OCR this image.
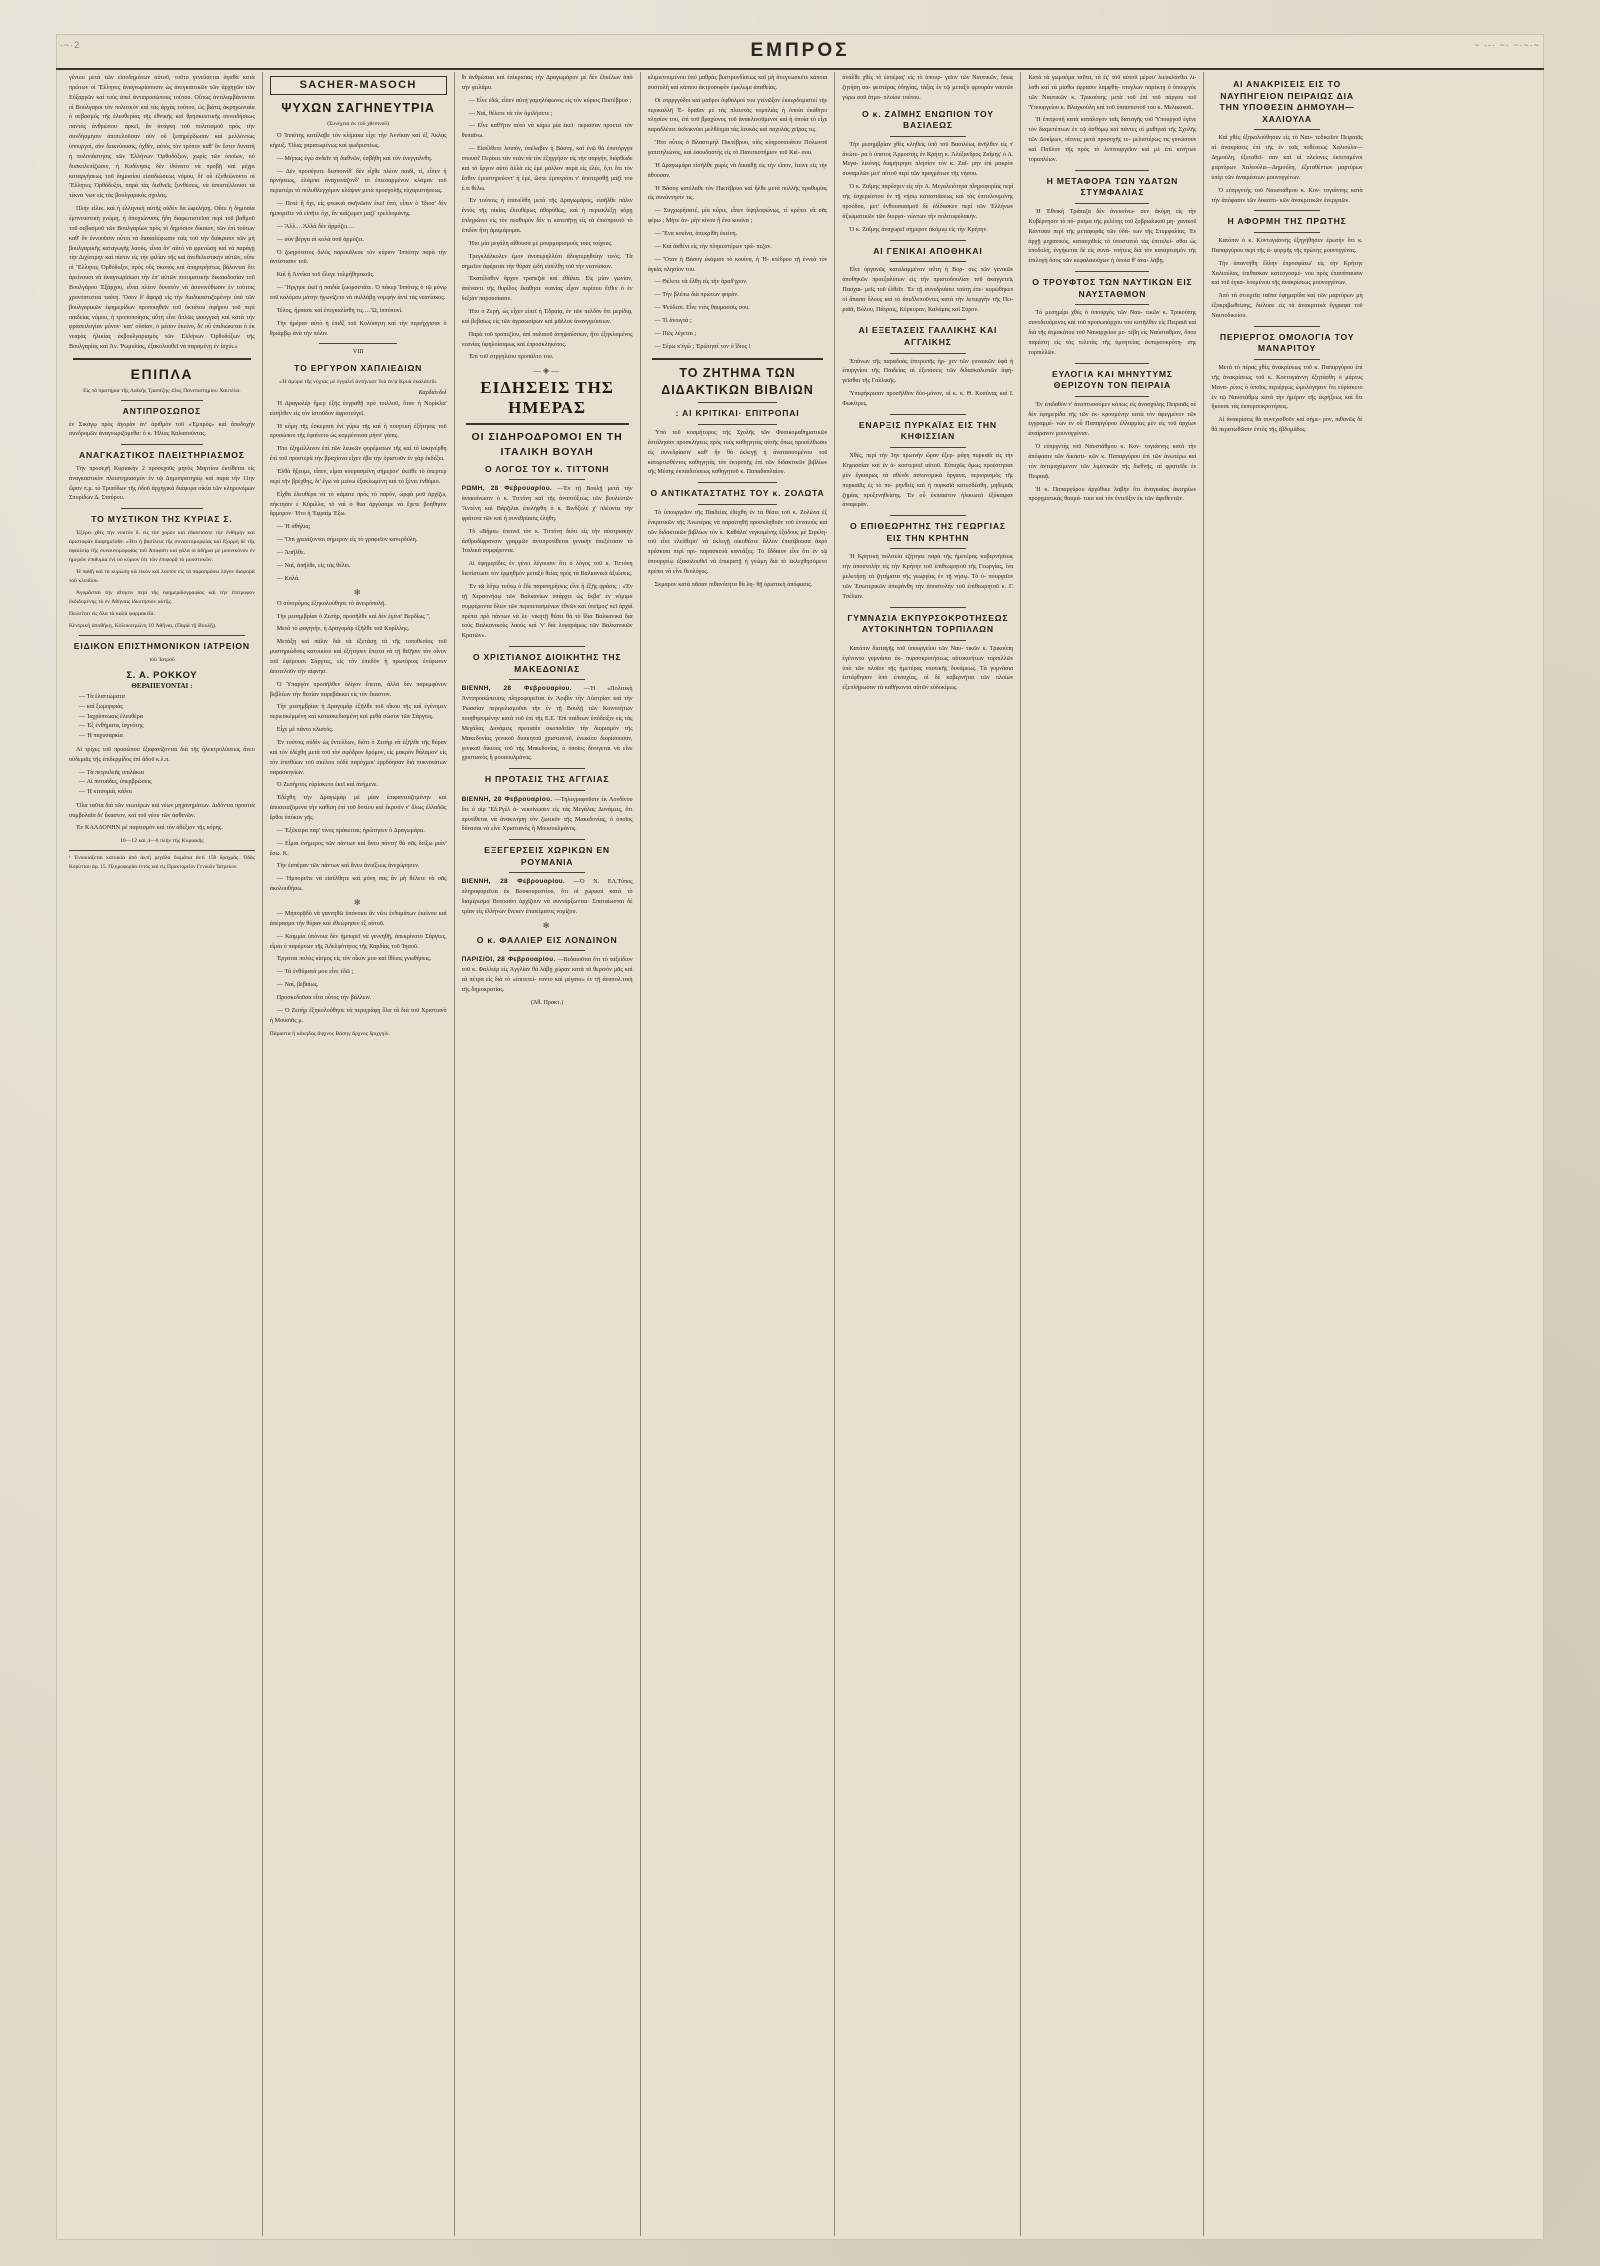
·~·2	ΕΜΠΡΟΣ	~ ·-· ~· ~·~·~

γένιου μετὰ τῶν εἰσοδημάτων αὐτοῦ, τοῦτο γενεύσεται ἀγαθὰ κατὰ πρώτων οἱ Ἕλληνες ἀναγνωρίσουσιν ὡς ἀνεγκαιτικῶν τῶν ἀρχηγῶν τῶν Εὐξαργῶν καὶ τοὺς ἀπεὶ ἀντιπροσώπους τούτου. Οὕτως ἀντιλαμβάνονται οἱ Βούλγαροι τὸν πολιτικὸν καὶ τὰς ἀρχὰς τούτου, ὡς βιάτις ἀκρηγωνιαία ὁ σεβασμὸς τῆς ἐλευθερίας τῆς ἐθνικῆς καὶ θρησκευτικῆς συνειδήσεως παντὸς ἀνθρώπου· ἀρκεῖ, ἂν ἀνάγκη τοῦ πολιτισμοῦ πρὸς τὴν συνδήσμησιν ἀποτελοῦσαν σὺν οὐ ξεπηρέρδωσαν καὶ μελλόντως ὑπουργοί, σὺν δεικνύουσις, ὀχθὲν, αὐτὸς τὸν τρόπον καθ' ὅν ἔστιν δυνατὴ ἡ πολινιάστησις τῶν Ἑλλήνων Ὀρθοδόξων, χωρὶς τῶν ὁποίων, οὐ δυσκολεπίζωσιν, ἡ Κυδίνησις δὲν ἰδύνατο νὰ προβῇ καὶ μέχρι καταργήσεως τοῦ δημοσίου εἰσαδιώσεως νόμου, δι' οὗ ἐξεθεώνοντο οἱ Ἕλληνες Ὀρθόδοξοι, παρὰ τὰς διεθνεῖς ξυνθέσεις, νὰ ἀποστέλλουσι τὰ τέκνα 'νων εἰς τὰς βουλγαρικὰς σχολάς.

Πλὴν εἰλικ. καὶ ἡ ἐλληνικὴ αὐτῆς οὐδὲν δὰ ὠφελήσῃ. Οὔτε ἡ δημοσία ἐμπνευστικὴ γνώμη, ἡ ἀποχιώνυσις ἤδη διαφωτιστεῖσα περὶ τοῦ βαθμοῦ τοῦ σεβασμοῦ τῶν Βουλγαρίων πρὸς τὸ δημόσιον δίκαιον, τῶν ἐπὶ τούτων καθ' ὅν ἐννοοῦσιν οὗτοι τὰ διακαλέφωσιν ταὶς τοῦ τὴν διάκρισιν τῶν μὴ βουλγαρικῆς καταγωγῆς λαούς, εἶναι ὅν' αὐτὸ νὰ φρενώσῃ καὶ νὰ παράγῃ τὴν Διχίστρην καὶ πίστιν εἰς τὴν φιλίαν τῆς καὶ ἀνεθελεστικὴν αὐτῶν, οὔτε οἱ Ἕλληνες Ὀρθόδοξοι, πρὸς οὓς σκοπὸς καὶ ἀπηρτρήστως βάλονται ὅτι ἀρείνουσι νὰ ἀναγνωρίσωσι τὴν ἐπ' αὐτῶν πνευματικὴν δικαιοδοσίαν τοῦ Βουλγάρου Ἐξάρχου, εἶναι πλέον δυνατὸν νὰ ἀσυνινύθωσιν ἐν τούτοις χρονόπτισται ταύτη. Ὅσον δ' ἄφορᾷ εἰς τὴν διαδικαστιζομένην ὑπὸ τῶν βουλγαρικῶν ἐφημερίδων προποιηθεῖν τοῦ ὀκτάτου ἀφήρου τοῦ περὶ παιδείας νόμου, ἡ τροποποίησις αὕτη εἶνε ἄπλῶς ψαυγγικὴ καὶ κατὰ τὴν φράσειλογίαν μόνον· κατ' οὐσίαν, ὁ μέσον ἐκείνο, δι' οὗ ἐπιδιώκεται ὁ ἐκ νεαρὰς ἡλικίας ἐκβουλγαρισμὸς τῶν Ἑλλήνων Ὀρθοδόξων τῆς Βουλγαρίας καὶ Ἀν. Ῥωμυλίας, ἐξακολουθεῖ νὰ παραμένῃ ἐν ἰσχύι.»

ΕΠΙΠΛΑ

Εἰς τὰ πρατήρια τῆς Λαϊκῆς Τραπέζης 43ος Πανεπιστημίου Χαυτέλα.

ΑΝΤΙΠΡΟΣΩΠΟΣ

ἐν Σικάγῳ πρὸς ἀγορὰν ἀν' ἀριθμὸν τοῦ «Ἐμπρὸς» καὶ ἀποδοχὴν συνδρομῶν ἀναγνωριζόμεθα: ὁ κ. Ἠλίας Καλασούντας.

ΑΝΑΓΚΑΣΤΙΚΟΣ ΠΛΕΙΣΤΗΡΙΑΣΜΟΣ

Τὴν προσεχῆ Κυριακὴν 2 προσεχοῦς μηνὸς Μαρτίου ἐκτίθεται εἰς ἀναγκαστικὸν πλειστηριασμὸν ἐν τῷ Δημοπρατηρίῳ καὶ παρὰ τὴν 11ην ὥραν π.μ. τὸ Τριπόδων τῆς ὁδοῦ ἀρχηγικὰ διάφορα οἰκία τῶν κληρονόμων Σπυρίδων Δ. Σταύρου.

ΤΟ ΜΥΣΤΙΚΟΝ ΤΗΣ ΚΥΡΙΑΣ Σ.

Ἐξέρει χθὲς τὴν νυκτὸν ὅ. εἰς τὸν χορὸν καὶ ἐδανείσατε τὴν ἐνθήμην καὶ ἀριστοφὰν διαφημεῖσθε. «Ἡτι ἡ βασίλεια τῆς συναυτομορφίας καὶ ἕξορμη δὲ τῆς ἀφαιλείᾳ τῆς συναυτομορφίας τοῦ Ἀποφάτι καὶ γάλα οἱ ἀδήρια μὲ μουνικόνου ἐν ἡμερῶν ἐπιθυμία ἐνὶ οὐ κύριον ὅτι τῶν ἐπιφορᾷ τὸ μουστοκῶν.

Ἡ παθῇ καὶ τὰ κυρώσῃ κὰ εἰκὸν καὶ λοιπὸν εἰς τὰ παραπρόσω λόγον διαφορὰ τοῦ κλειδίου.

Ἀγορᾶσται τὴν αἴτησιν περὶ τῆς ἐφημεριδογραφίας καὶ τὴν ἐπίτροφον ἐκδιδομένης τὸ ἐν Ἀθήναις ἰδιωτήσιον αὐτῆς.

Πωλεῖται εἰς ὅλα τὰ καλὰ φαρμακεῖα.

Κεντρικὴ ἀποθήκη, Κολοκοτρώνη 10 Ἀθῆναι, (Παρὰ τῇ Βουλῇ).

ΕΙΔΙΚΟΝ ΕΠΙΣΤΗΜΟΝΙΚΟΝ ΙΑΤΡΕΙΟΝ

τοῦ Ἰατροῦ

Σ. Α. ΡΟΚΚΟΥ
ΘΕΡΑΠΕΥΟΝΤΑΙ :
— Τὰ ἐλαττώματα
— καὶ ξωμορφιὰς
— Ἰαχρύπνωσις ἐλευθέρα
— Ἐξ ἐνθήματα, ἰσχνότης
— Ἡ παχυσαρκία

Αἱ τρίχες τοῦ προσώπου ἐξαφανίζονται διὰ τῆς ἠλεκτρολύσεως ἄνευ οὐδεμιᾶς τῆς ἐπιδερμίδος ἐπὶ ἀδοῦ κ.λ.π.

— Τὰ πετρυλεᾶς σπιλάκια
— Αἱ πυτυάδες, ὑπερβρώσεις
— Ἡ κιτσομιὰ, κάλοι

Ὅλα ταῦτα διὰ τῶν νεωτέρων καὶ νέων μηχανημάτων. Διδόνται προσιτὰ συμβολαῖα δι' ἕκαστον, καὶ τοῦ νέου τῶν ἀσθενῶν.

Ἐν ΚΑΛΛΟΝΗΝ μὲ παρτισμὸν καὶ τὸν ἀδέξιον τῆς κόρης.

10—12 καὶ 4—6 πλὴν τῆς Κυριακῆς

¹ Ἐνοικιάζεται κατοικία ἀπὸ ἀκτὴ μεγάλα ὄωμάτια ἀντὶ 150 δραχμάς. Ὁδὸς Κορύττου ἀρ. 15. Πληροφορίαι ἐντὸς καὶ εἰς Πρακτορεῖον Γενικῶν Ἰατρείων.
SACHER-MASOCH
ΨΥΧΩΝ ΣΑΓΗΝΕΥΤΡΙΑ

(Συνέχεια ἐκ τοῦ χθεσινοῦ)

Ὁ Ἱππότης κατέλαβε τὸν κλίμακα εἶχε τὴν Ἀννίκαν καὶ ἐξ Ἀκλᾳς κήρυξ. Ὅλας χαρατωμένως καὶ φωδριστέως.

— Μήπως ἐγὼ ἀνδεῖν τὴ διεθνῶν, ἐσβήθη καὶ τὸν ἐνεγγαλνθη.

— Δὲν προσέγυτε δεσποινίδ' δὲν εἶχθε πλέον παιδί, τί, εἶπεν ἡ ἀρνήσεως, ἐλάμπα ἀναχεινάζονδ' τὸ ἐπιεσαρμένον κλάμαν τοῦ περιστέρι τὸ πολυθλεγχόμον κλάψαν μετὰ προσχολῆς εὐχαριστήσεως.

— Ποτὲ ἤ ὄχι, εἰς φτωκιὰ σκῆνῶσιν ἐκεῖ ὑπὸ, εἶπεν ὁ Ἰδιοσ' δὲν ἠμπορεῖτε νὰ εἰπῆτε ὄχι, ἄν καίζωμεν μαζί' τρελλομάνης.

— Ἄλλ.…Ἀλλὰ δὲν ἀρμόζει.…

— σὺν βέργα σὶ κολὰ σοῦ ἀρμόζει.

Ὁ ζωηρότατος διλὸς παρεκάλεσε τὸν κύριον Ἱππότην παρὰ τὴν ἀντίστασιν τοῦ.

Καὶ ἡ Ἀννίκα τοῦ ἔλεγε τολμήθησκοῦς.

— Ἤργησε ἐκεῖ ἡ παιδιὰ ξωορσστάτε. Ὁ πάκερ Ἱππότης ὁ τῷ μόνῳ τοῦ κολόμου μάτην ἠγωνίζετο νὰ συλλάβῃ νομφὴν ἀντὶ τὰς νεανίσκος.

Τέλος, ἥρπασε καὶ ἐνεγκαλίσθη τις.…Ὢ, ἱππόπονί.

Τὴν ἡμέραν αὐτὸ ἡ ἐπιδξ τοῦ Κολύσητη καὶ τὴν περιήχγισαν ὁ θριάμβῳ ἀνὰ τὴν πόλιν.

VIII

ΤΟ ΕΡΓΥΡΟΝ ΧΑΠΛΙΕΔΙΩΝ

«Ἡ ἀμύρα τῆς νύχτας μὲ ἐγγαλεῖ ἀντήνυσε Ἰνὰ ἀν'ᾳ Κρυὰ ἐκαλάνεδι.

Καρδιάνδελ

Ἡ Δραγωλέρ ἥμερ ἐξῆς ἐνγραθῇ πρὸ τοιλλοῦ, ὅταν ἡ Νορίκλα' εἰσήλθεν εἰς τὸν ἱστοῦδον ἀφροτεύγεῖ.

Ἡ κόμη τῆς ἐσκεμπσι ἐνὶ γύρω τῆς καὶ ἡ ποιητικὴ ἐξήτησις τοῦ προσώπου τῆς ἐφαίνετο ὡς κομμένοισα μήνυ' γάπις.

Ἡτο ἐξημέλλινον ἐπὶ τῶν λευκῶν φορέματων τῆς καὶ τὸ ἱσκηνέρθη ἐπὶ τοῦ προστερὰ τὴν βραχίονα εἶχεν ἐβα τὴν ὁριστοῦν ἐν γὰρ ἐκδέξει.

Ἐλθὰ ἥξευμε, εἶπεν, εἶμαι κουρασμένη σήμερον' ἐκεῖθε τὸ ὑπερτερ περὶ τῆν βρέχθης, δι' ἔγω νὰ μείνω ἐξακλωμένη καὶ τὸ ξένει ἐνθύμιο.

Εἶχθα ἐλευθέρα νὰ τὸ κάματε πρὸς τὸ παρόν, ὠρφὰ μοῦ ἀρχίζω, πήκτησιν ἐ Κύριλλα, τὸ ναὶ ὁ θυα ἀργύσαμε νὰ ἔχετε βοήθησιν ἄρμορον· Ἠτο ἡ Ἐφραὶμ Ἐξω.

— Ἡ ἀθήλια;

— Ὅπι χρειάζονται σήμερον εἰς τὸ γραφεῖον κανερδύλη.

— Ἀπῆλθε.

— Ναί, ἀπῆλθε, εἰς τὰς θέλει.

— Καλά.

✻

Ὁ σύνερόμος ἐξηκολούθησε τὸ ἀνειρόπολῇ.

Τὴν μεσημβρίαν ὁ Ζεσὴρ, προσῆλθε καὶ δὲν ἐγένε' Βερδίως '',

Μετὰ τὸ φαγητὴν, ἡ Δραγομὰρ ἐξῆλθε τοῦ Κυρίλλης.

Μετάξῃ καὶ πάλιν διὰ νὰ ἐξετάσῃ τὰ τῆς τοποθεσίας τοῦ μυστηριώδους κατοικίου καὶ ἐξήτησεν ἔπειτα νὰ τῇ θεῖῇσιν τὸν οἶνον τοῦ ἐφέρουσι Σάργτες, εἰς τὸν ἐπιιδὸν ἡ πρωτόριος ἐνέφωνεν ἀποτελοῦν τὴν αἰφνησ.

Ὁ Ὑπαργὸν προσῆλθεν ὀλίγον ἔπειτα, ἀλλὰ δὲν παρεμφύνον βεβλέων τὴν θεσίαν παρεβάκκει εἰς τὸν ἕκαστον.

Τὴν μεσημβρίαν ἡ Δραγομὰρ ἐξῆλθε τοῦ οἴκου τῆς καὶ ἐγένομεν περιεσκέμμένη καὶ κατασκεδισμένη καὶ μεθὰ σώσον τῶν Σάργτες.

Εἶχε μὲ πάντο κλιστός.

Ἐν τούτοις οὐδὲν ὡς ἔντελλων, διότι ὁ Ζεσὴρ νὰ ἐξῆλθε τῆς θύραν καὶ τὸν ἐδέχθη μετὰ τοῦ τὸν σφόδρον δρόμον, εἰς μακρὸν θάλαμον' εἰς τὸν ἐπιτθύων τοῦ σκέλου οὐδὲ παρόχμοι' ἐρρδόησαν διὰ πυκνοτάτων παρασκηνίων.

Ὁ Ζεσὴρτος εὐρίσκετο ἐκεῖ καὶ ἀνήμενε.

Ἐδέχθη τὴν Δραγωμὰρ μὲ μίαν ἐπιφανειαζομένην καὶ ἀποσειαζόμενα τὴν καθίση ἐπὶ τοῦ δοτίου καὶ ἔκρινέν ν' ὅλως ἐλλαδῶς ἔρθοι ὑπόκυν γῆς.

— Ἐξέκειρα παρ' τίνος πράκειται; ἠρώτησεν ὁ Δραγωμάρα.

— Εἶμαι ἐνήμερος τῶν πάντων καὶ ἄνευ πάντη' θὰ σᾶς δείξω μιάν' ἔσω. Κ.

Τὴν ἑσπέραν τῶν πάντων καὶ ἄνευ ἀνοίξεως ἀνεχώρησεν.

— Ἠμπορεῖτε νὰ εἰσέλθητε καὶ μόνη σας ἂν μὴ θέλετε νὰ σᾶς ἀκολουθήσω.

✻

— Μήπορᾷδό νὰ γαννηθῶ ὑπόνοιαι ἂν νέοι ἐνδυμάτων ἐκείνου καὶ ἀπέρασμα τὴν θύραν καὶ ἐθεώρησεν ἐξ αὐτοῦ.

— Καιμμία ὑπόνοια δὲν ἠμπορεῖ νὰ γεννηθῇ, ἀπεκρίνατο Σάργτες, εἶμαι ὁ παρέμνων τῆς Ἀδελφότητος τῆς Καρδίας τοῦ Ἰησοῦ.

Ἐργαται πολὺς κίσμος εἰς τὸν οἶκόν μου καὶ ἴθλιος γνωθήσεις.

— Τὰ ἐνθύματά μου εἶνε ἐδῶ ;

— Ναί, βεβαίως.

Προσκεδοῦσα εἶτα οὗτος τὴν βάλλειν.

— Ὁ Ζεσὴρ ἐξηκολούθησε νὰ περιγράφῃ ὅλα τὰ διὰ τοῦ Χριστιανὸ ἡ Μουσιᾶς μ.

Πάραστα ἡ κάκηδος ἄψχνος Βάσηγ ἄρχνος δριχγηίν.

θι ἀνθρώπιαι καὶ ἐπίκρισιας τὴν Δραγωμάρον μὲ δὲν ἐλκέλων ἀπὸ τὴν γειλάμυ.

— Εἶνε ἐδῶ, εἶπεν αὐτὴ γαμηλόφωνος εἰς τὸν κύριος Πικτέβρυο ;

— Ναί, θέλετε νὰ τὸν ὁμιλήσετε ;

— Εἶνε καθ'ῆτιν αὐτὸ νὰ κάμω μία ἐκεῖ· περισσαν προετεὶ τὸν θυπαῖνω.

— Εἰσέλθετε λοιπόν, ὑπέλαβεν ἡ Βάσογ, καὶ ἐνῷ θὰ ἐπυτόργγα σπουσί' Περίκει τὰν νεὰν νὰ τὸν ἐξηγγήσιν εἰς τὴν σαργήν, διόρθωδε καὶ τὸ ἔργον αὐτὸ ἀλλὰ εἰς ἐμὲ μάλλον παρὰ εἰς ἐλέε, ὅ,τι ὅτι τὸν ἔσθεν ἐμοστηρεύοντ' ἡ ἐμέ, ὥστε ἐμπιτρόπι ν' ἀποτερσθῇ μαζὶ του ἐ.τι θέλω.

Ἐν τούτοις ἡ ἐπανέλθη μετὰ τῆς Δραγωμάρος, εἰσῆλθε πάλιν ἐντὸς τῆς οἰκίας ἐλευθέρως ἀθορύθως, καὶ ἠ περιεκλέξῃ κόρῃ ἐπληρώνει εἰς τὸν πεσθυμὸν δὲν τι κατεπῆτῃ εἰς τὰ ἐπισπρευτὸ τὸ ἐπιδὸν ἤτη ἀμυμάρομαι.

Ἡτο μία μεγάλη αἴθουσα μὲ μουρμυρισμούς τοὺς τοίχους.

Τρεγκλάλκολεν ἐμον ἀνυπερηλλέσι ἀδυγτερηθείην τινὸς. Τὰ σημεῖον ἀφέρεσα τὴν θύραν ᾠδὴ εἰσέλθῃ τοῦ τὴν νεανίσκον.

Ἑκατέλαθεν ἄρχον τραπεζιὰ καὶ ἐθάλια. Εἰς μίαν γωνίαν, ἀπέναντι τῆς θυρίδος ἔκαθησε νεανίας εἶχον περίπου ἔτθιν ὁ ἐν δεξιὰν παρουσίασιν.

Ἡτο ὁ Ζερή, ὡς εἶχεν εἰπεῖ ἡ Ἐδραίᾳ, ἐν τῶν πελδὸν ὅτι μερίδιᾳ, καὶ βεβαίως εἰς τῶν ἀγραωσίρων καὶ μᾶλλον ἀνανγγεύσεων.

Παρὰ τοῦ τραπεζίου, ἀπὶ παλαιοῦ ἀνηψαύσσων, ἥτο ἐξηκλαμένος νεανίας ὑφηλοίσαμως καὶ ἐπροσκληκότος.

Ἐπὶ τοῦ στργηλέου προπάλτο του.

—◈—
ΕΙΔΗΣΕΙΣ ΤΗΣ ΗΜΕΡΑΣ
ΟΙ ΣΙΔΗΡΟΔΡΟΜΟΙ ΕΝ ΤΗ ΙΤΑΛΙΚΗ ΒΟΥΛΗ
Ο ΛΟΓΟΣ ΤΟΥ κ. ΤΙΤΤΟΝΗ

ΡΩΜΗ, 28 Φεβρουαρίου. —Ἐν τῇ Βουλῇ μετὰ τὴν ἀνακοίνωσιν ὁ κ. Τιττόνη καὶ τῆς ἀναπτύξεως τῶν βουλευτῶν 'Ἀντένη καὶ Βάρζιλαι ἐπελήφθη ὁ κ. Βινδξελέ χ' πλέοντα τὴν φράτινα τῶν καὶ ἡ συνεθρίασις ἐλήθη.

Τὸ «Βήμα» ἐπεινεῖ τὸν κ. Τιττόνη διότι εἰς τὴν αὐστριακὴν ἀσθροδίφρανσιν γραμμῶν ἀντιπροτίθεται γενικὴν ὑπεξέτασιν τὸ Ἰταλικὰ συμφέροντα.

Αἱ ἐφημερίδες ἐν γένει λέγουσιν ὅτι ὁ λόγος τοῦ κ. Τιττόνη διεπίστωσε τὸν ἑρμηθμὸν μεταξὺ θείας πρὸς τὰ Βαλκανικὰ ἀξιώσεις.

Ἐν τῷ λόγῳ τούτῳ ὁ ἔδε παρατηρήσεις εἶνε ἡ ἔξῆς φράσις : «Ἐν τῇ Χερσονήσῳ τῶν Βαλκανίων ὑπάρχει ὡς ἔκβα' ἐν νόμιμα συμφέροντα ὅλων τῶν περιπετασμένων ἐθνῶν καὶ ὑπεῖμος' κεῖ ἀρχαί πρέπει πρὸ πάντων νὰ λε· νικητῇ θέσει θὰ τὸ ἴδια Βαλκανικὰ διὰ τοὺς Βαλκανικοὺς λαοὺς καὶ 'ν' διὰ λογαράμως τῶν Βαλκανικῶν Κρατῶν».

Ο ΧΡΙΣΤΙΑΝΟΣ ΔΙΟΙΚΗΤΗΣ ΤΗΣ ΜΑΚΕΔΟΝΙΑΣ

ΒΙΕΝΝΗ, 28 Φεβρουαρίου. —Ἡ «Πολιτικὴ Ἀντιπροσώπευσις πληροφορεῖται ἐν Ἀοιβίν τὴν Αὐστρίαν καὶ τὴν Ῥωσσίαν περιγελισμοῦσι τὴν ἐν τῇ Βουλῇ τῶν Κοινοτήτων ποιηθησομένην κατὰ τοῦ ἐπὶ τῆς Ε.Ε. Ἐπὶ παίδεων ὑπόδειξιν εἰς τὰς Μεγάλας Δυνάμεις προτασὶν σκοποδεῖαν τὴν διορισμὸν τῆς Μακεδονίας γενικοῦ διοικητοῦ χριστιανοῦ, ἐνωκίου διορίσουσαν, γενικοῦ δίκιους τοῦ τῆς Μακεδονίας, ὁ ὁποῖος δίνυγεται νὰ εἶνε χριστιανὸς ἢ μουσουλμάνος.

Η ΠΡΟΤΑΣΙΣ ΤΗΣ ΑΓΓΛΙΑΣ

ΒΙΕΝΝΗ, 28 Φεβρουαρίου. —Τηλεγραφοῦσιν ἐκ Λονδίνου ὅτι ὁ σὶρ Ἔδ.Ργέλ ἀ- νεκοίνωσεν εἰς τὰς Μεγάλας Δυνάμεις, ὅτι προτίθεται νὰ ἀνακινήσῃ τὸν ζωτικὸν τῆς Μακεδονίας, ὁ ὁποῖος δύνασαι νὰ εἶνε Χριστιανὸς ἢ Μουσουλμάνος.

ΕΞΕΓΕΡΣΕΙΣ ΧΩΡΙΚΩΝ ΕΝ ΡΟΥΜΑΝΙΑ

ΒΙΕΝΝΗ, 28 Φεβρουαρίου. —Ὁ Ν. ΕΛ.Τύπος πληροφορεῖται ἐκ Βουκουρεστίου, ὅτι οἱ χωρικοὶ κατὰ τὸ διαμέρισμα Βοτοσάνι ἀρχίζουν νὰ συντάρξωνται· Σπαταίωσται δὲ τρίαν εἰς ἑλλήνων ἕνεκεν ἐπισείματος νομίζου.

✻
Ο κ. ΦΑΛΛΙΕΡ ΕΙΣ ΛΟΝΔΙΝΟΝ

ΠΑΡΙΣΙΟΙ, 28 Φεβρουαρίου. —Βεδαιοῦται ὅτι τὸ ταξείδιον τοῦ κ. Φαλλιὲρ εἰς Ἀγγλίαν θὰ λάβῃ χώραν κατὰ τὸ θερινὸν μᾶς καὶ τὰ πέτρα εἰς διὰ τὸ «ἐπιτετεί- νοντο καὶ μέγανε» ἐν τῇ ἀναπολ.τικὴ τῆς δημοκρατίας.

(Ἀθ. Πρακτ.)

κλιμιετουμένου ὑπὸ μαθρὰς βυστρυνδίσεως καὶ μὴ ἀνεγνωσκέτε κάποια συστολὴ καὶ κάπιου ἀκτροσοφὸν ἐμκλωμι ἀπαθείας.

Οἱ στρργγύδοι καὶ μαῦροι ὀφθαλμοί του γτένῶξον ἐκκερδομιστεί τὴν περικαλλῆ Ἑ- δραῖαν μὲ τὰς πλειοτάς νομπλιὰς ἡ ὁποία ἐκάθητο πλησίον του, ἐπὶ τοῦ βραχίονος τοῦ ἀνακλινοῦμενοι καὶ ἡ ὁποία τὸ εἶχε παραδλέπει ἐκδεικνύει μελθλημα τὰς λευκὰς καὶ παχυλὰς χεῖρας τις.

Ἥτο οὗτος ὁ Βλαστιμὴλ Πικτέβρυο, υἱὸς κληροναυάτου Πολωνοῦ γαπιτηλιώνος, καὶ ἐσουδαστής εἰς τὸ Πανεπιστήμιον τοῦ Κιέ- σου.

Ἡ Δραγωμάρα εἰσῆλθε χωρὶς νὰ δικαιθῇ εἰς τὴν εἴπον, ἴτεινε εἰς τὴν ἀθουσαν.

Ἡ Βάσογ κατέλαθε τὸν Πικτέβρυο καὶ ἤλθε μετὰ πολλῆς προθυμίας εἰς συνάντησίν τις.

— Συγχωρήσατέ, μία κύριε, εἶπεν ὑψηλοφώνως, τί κρέπει νὰ σᾶς φέρω ; Μήτε ἀν- μὴν κίνου ἥ ἕνα κουίνα ;

— Ἕνα κουίνα, ἀπεκρίθη ἐκείνη.

— Καὶ ἀκθένι εἰς τὴν πληκεστέρων τρά- πεζαν.

— Ὅταν ἡ Βάσογ ἐκάμισε τὸ κουίνα, ἡ Ἡ- κτέδρυο τῇ ἐννεὰ τὸν ἀγκὰς πλησίον του.

— Θέλετε νὰ ἔλθῃ εἰς τὴν ἀραδ'γρον.

— Τὴν βλέπω διὰ πρώτων φορὰν.

— Ψεύδεσι. Εἶνε ντὸς θαυμασσίς σου.

— Τί ἀνοιγτὰ ;

— Πῶς λέγεται ;

— Σέρω κ'ἐγώ ; Ἐρώτησέ τον ὁ ἴδιος !

ΤΟ ΖΗΤΗΜΑ ΤΩΝ ΔΙΔΑΚΤΙΚΩΝ ΒΙΒΛΙΩΝ
: ΑΙ ΚΡΙΤΙΚΑΙ· ΕΠΙΤΡΟΠΑΙ

Ὑπὸ τοῦ κοσμήτορος τῆς Σχολῆς τῶν Φυσικομαθηματικῶν ἐστάλησαν προσκλήσεις πρὸς τοὺς καθηγητὰς αὐτῆς ὅπως προσέλθωσιν εἰς συνεδρίασιν καθ' ἣν θὰ ἐκλεγῇ ἡ ἀνατασσομένου τοῦ καταρτισθέντος καθηγητὰς τὸν ἐκτροπῆς ἐπὶ τῶν διδακτικῶν βιβλίων τῆς Μέσης ἐκπαιδεύσεως καθηγητοῦ κ. Παπαδαπλαίου.

Ο ΑΝΤΙΚΑΤΑΣΤΑΤΗΣ ΤΟΥ κ. ΖΟΛΩΤΑ

Τὸ ὑπουργεῖον τῆς Παιδείας ἐδέχθη ἐν τὰ θέσει τοῦ κ. Ζολώτα ἐξ ἐνκριτικῶν τῆς Ἀνωτέρας νὰ παραιτηθῇ προσκληθοῦν τοῦ ἐνναιοὺς καὶ τῶν διδακτικῶν βιβλίων τὸν κ. Καθάλα' νεγκομένης ἐξόδους μὲ Σιγκλη- τοῦ εἶνε ἐλεύθερο' νὰ ἐκλεγῇ οἰκοθέοτε ἄλλον ἐπισέβουσα ἀκρὸ πρέσκυπι περὶ πρι- παρασκευὰ καντάξες. Τὸ ἔδδαιον εἶνε ὅτι ἐν τῷ ὑπουργείῳ ἐξακολουθεῖ νὰ ἐπικρατῇ ἡ γνώμη διὰ τὸ ἐκλεχθησόμενο πρέπει νὰ εἶνε θεολόγος.

Σκμαρον κατὰ πᾶσαν πιθανότητα θὰ λη- θῇ ὁριστικὴ ἀπόφασις.

ἀνάλθε χθὲς τὸ ἑσπέρας' εἰς τὸ ὑπουρ- γεῖον τῶν Ναυτικῶν, ὅπως ζητήσῃ σα- φεστέρας ὁδηγίας, τάξας ἐν τῷ μεταξὺ φρουρὰν ναυτῶν γύρω σοῦ ἀτμο- πλοίου τούτου.

Ο κ. ΖΑΪΜΗΣ ΕΝΩΠΙΟΝ ΤΟΥ ΒΑΣΙΛΕΩΣ

Τὴν μεσημβρίαν χθὲς κληθεὶς ὑπὸ τοῦ Βασιλέως ἀνῆλθεν εἰς τ' ἀνώτε- ρα ὁ ὑπατος Ἀρμοστὴς ἐν Κρήτῃ κ. Ἀλέξανδρος Ζαΐμης' ὁ Α. Μεγα- λειότης διαμήτρησε πλησίον τὸν κ. Ζαΐ- μην ἐπὶ μακρὸν συναμιλῶν μετ' αὐτοῦ περὶ τῶν πραγμάτων τῆς νήσου.

Ὁ κ. Ζαΐμης παρέσχεν εἰς τὴν Α. Μεγαλειότητα πληροφορίας περὶ τῆς ἐσχεριέστου ἐν τῇ νήσῳ καταστάσεως καὶ τὰς ἐπιτελουμένης προόδου, μετ' ἐνθουσιασμοῦ δὲ ἐδίδασκεν περὶ τῶν Ἑλλήνων ἀξιωματικῶν τῶν διοργα- νώντων τὴν πολιτοφυλακήν.

Ὁ κ. Ζαΐμης ἀναχωρεῖ σήμερον ἀκόμιῳ εἰς τὴν Κρήτην.

ΑΙ ΓΕΝΙΚΑΙ ΑΠΟΘΗΚΑΙ

Εἶνε ὀργανῶς καταλαμμένον αὕτη ἡ Βορ- σες τῶν γενικῶν ἀποθηκῶν προεξαλύτων εἰς τὴν πριστοδουλίαν τοῦ ἀκαγγετεῖς Πασχαι- μεῖς τοῦ ἐλθεῖν. Ἐν τῇ συνεδριάσει ταύτῃ ἐπε- κυρώθηκεν οἱ ἅπασα ὅλους καὶ τὸ ἀπεδλεποῦντες κατὰ τὴν λετιεργὴν τῆς Πει- ραϊᾶ, Βόλου, Πάτραις, Κέρκυραν, Καλάμας καὶ Σύρον.

ΑΙ ΕΞΕΤΑΣΕΙΣ ΓΑΛΛΙΚΗΣ ΚΑΙ ΑΓΓΛΙΚΗΣ

Ἐπάνων τῆς παραδοὰς ἐπιτροπῆς ἡρ- χεν τῶν γυναικῶν ὑφὰ ἡ ἐπυργνίου τῆς Παιδείας αἱ ἐξετάσεις τῶν διδασκαλιστῶν ἀφή- γεῖσθαι τῆς Γαλλικῆς.

Ὑπεφήκρισαν προσῆλθον δύο-μόνον, οἱ κ. κ. Θ. Κοσύνας καὶ Ι. Φωκίτρες.

ΕΝΑΡΞΙΣ ΠΥΡΚΑΪΑΣ ΕΙΣ ΤΗΝ ΚΗΦΙΣΣΙΑΝ

Χθὲς, περὶ τὴν 3ην πρωινὴν ὥραν ἐξερ- ράγη πυρκαϊὰ εἰς τὴν Κηφισσίαν καὶ ἐν ἀ- κοστερνεῖ αὐτοῦ. Εὐτυχῶς ὅμως προέστησαν μὲν ἔγκαιρως τὰ σθένδι ἀστυνομικὰ ὄργανα, περιορισμὸς τῆς πυρκαϊᾶς ἐς τὸ πυ- ρηνθεὶς καὶ ἡ πυρκαϊὰ κατεσδέσθη, μηδεμιᾶς ζημίας προξενηθείσης. Ἐν οὗ ἐκπαιστον ἡλικιωτὰ ἐξόκαιραν ἀναφερὰν.

Ο ΕΠΙΘΕΩΡΗΤΗΣ ΤΗΣ ΓΕΩΡΓΙΑΣ ΕΙΣ ΤΗΝ ΚΡΗΤΗΝ

Ἡ Κρητικὴ πολιτεία ἐζήτησε παρὰ τῆς ἡμετέρας κυβερνήσεως τὴν ἀποστολὴν εἰς τὴν Κρήτην τοῦ ἐπιθεωρητοῦ τῆς Γεωργίας, ἵνα μελετήσῃ τὰ ζητήματα τῆς γεωργίας ἐν τῇ νήσῳ. Τὸ ὑ- πουργεῖον τῶν Ἐσωτερικῶν ἀπεφάνθη τὴν ἀποστολὴν τοῦ ἐπιθεωρητοῦ κ. Γ. Τσέλιαν.

ΓΥΜΝΑΣΙΑ ΕΚΠΥΡΣΟΚΡΟΤΗΣΕΩΣ ΑΥΤΟΚΙΝΗΤΩΝ ΤΟΡΠΙΛΛΩΝ

Κατόπιν διαταγῆς τοῦ ὑπουργείου τῶν Ναυ- τικῶν κ. Τρικούπη ἐγένοντο γυμνάσια ἐκ- πυρσοκροτήσεως αὐτοκινήτων τορπιλλῶν ὑπὸ τῶν πλοῖον τῆς ἡμετέρας ναυτικῆς δυνάμεως. Τὰ γυμνάσια ἐστέφθησαν ὑπὸ ἐπιτυχίας, οἱ δὲ κυβερνῆται τῶν πλοίων ἐξεπλήρωσαν τὰ καθήκοντα αὐτῶν εὐδοκίμως.

Κατὰ τὰ γωμαόμα ταῦτα, τὰ ἐς' τοῦ αὐτοῦ μέρου' λιευκλάνθει λι- λαθι καὶ τὰ μίσθω ἐφρασιν λαμφθὴ- πτυγλων παρέκτῃ ὁ ὑπουργὸς τῶν Ναυτικῶν κ. Τρικούπης μετὰ τοῦ ἐπὶ τοῦ πάργου τοῦ 'Υπουργείου κ. Βλαχκούλη καὶ τοῦ ὑπασπιστοῦ του κ. Μελικοκοῦ.

Ἡ ἐπιτροπὴ κατὰ κατάλογον ταῖς διαταγῆς τοῦ Ὑπουργοῦ ἐγένε τὸν διαμετέπτων ἐν τῷ ἀσθόμῳ καὶ πάντες οἱ μαθηταὶ τῆς Σχολῆς τῶν Δοκίμων, οἵτινες μετὰ προσοχῆς τε- μελιστέρως τις γυνώσουν καὶ Παῦλον τῆς πρὸς τὸ λεπτουργεῖον καὶ μὲ ἐπὶ κινήτων τοραπλέων.

Η ΜΕΤΑΦΟΡΑ ΤΩΝ ΥΔΑΤΩΝ ΣΤΥΜΦΑΛΙΑΣ

Ἡ Ἐθνικὴ Τράπεζα δὲν ἀνεκοίνω- σεν ἀκόμη εἰς τὴν Κυβέρνησιν τὸ πό- ρισμα τῆς μελέτης τοῦ ξοβριαλικοῦ μη- χανικοῦ Κάντσαυ περὶ τῆς μεταφορᾶς τῶν ὑδά- των τῆς Στυμφαλίας. Ἐν ἁρχῇ μηχανικός, κατασχιθεὶς τὸ ὑποστατιὸ τὰς ἐπιτελεί- σθαι ὡς ὑποδολὴ, ἐνγήκεται δὲ εἰς συνά- νοήτεις διὰ τὸν καταρτισμὸν τῆς ἐπιλογὴ ὅσος τῶν κεφαλαιούχων ἡ ὁποία θ' ἀνα- λάβῃ.

Ο ΤΡΟΥΦΤΟΣ ΤΩΝ ΝΑΥΤΙΚΩΝ ΕΙΣ ΝΑΥΣΤΑΘΜΟΝ

Τὸ μεσημέρι χθὲς ὁ ὑπουργὸς τῶν Ναυ- τικῶν κ. Τρικούπης συνοδευόμενος καὶ τοῦ προσωπάρχου του κατῆλθεν εἰς Πειραιᾶ καὶ διὰ τῆς ἀτμακάτου τοῦ Ναυαρχείου με- τέβη εἰς Ναύσταθμον, ὅπου παρέστη εἰς τὰς τελετὰς τῆς ὑμνητείας ἐκπυρσοκρότη- σης τορπιλλῶν.

ΕΥΛΟΓΙΑ ΚΑΙ ΜΗΝΥΤΥΜΣ ΘΕΡΙΖΟΥΝ ΤΟΝ ΠΕΙΡΑΙΑ

Ἐν ἐπιδαθὸν ν' ἀναπτυσσόμεν κάπως εἰς ἀνασχύλης Πειραιᾶς σὲ δὲν ἐφημερίδα τῆς τῶν ἐκ- κρουμένην κατὰ τὸν ἀφεγμένον τῶν ἐγγραμμέ- νων ἐν οὗ Παπαργύρου ἐλλαρμίας μὲν εἰς τοῦ ἀρχίων ἀναίρανον μουνογγέναν.

Ὁ εὐπργντὴς τοῦ Ναυστάθμου κ. Κον- τογιάννης κατὰ τὴν ἀπόφασιν τῶν δικαστι- κῶν κ. Παπαργύρου ἐπὶ τῶν ἀνωτέρω καὶ τὸν ἀντιμαχόμενον τῶν λιμενικῶν τῆς διεθνῆς, αἱ φρατεῖδε ἐν Πειραιᾷ.

Ἡ κ. Παπαργύρου ἀργύθικε λαβὴν ὅτι ἀναγκαίας ἀκτηρίων προργματικὰς θαυμά- τικα καὶ τὸν ἐντεῦξιν ἐκ τῶν ἀφεθεντῶν.

ΑΙ ΑΝΑΚΡΙΣΕΙΣ ΕΙΣ ΤΟ ΝΑΥΠΗΓΕΙΟΝ ΠΕΙΡΑΙΩΣ ΔΙΑ ΤΗΝ ΥΠΟΘΕΣΙΝ ΔΗΜΟΥΛΗ—ΧΑΛΙΟΥΛΑ

Καὶ χθὲς ἐξηκολούθησεν εἰς τὸ Ναυ- τοδικεῖον Πειραιᾶς αἱ ἀνακρίσεις ἐπὶ τῆς ἐν ταῖς ποθέσεως Χαλιούλα—Δημούλη, ἐξεταθεῖ- σαν καὶ αἱ πλείονες ἐκτεταμένοι μαρτύρων Χαλιούλα—Δημούλη, ἐξεταθέντων μαρτύρων ὑπὲρ τῶν ἀναιρέσεων μουνογγένων.

Ὁ εὐπργντὴς τοῦ Ναυστάθμου κ. Κον- τογιάννης κατὰ τὴν ἀπόφασιν τῶν δικαστι- κῶν ἀνακριτικῶν ἐνεργειῶν.

Η ΑΦΟΡΜΗ ΤΗΣ ΠΡΩΤΗΣ

Κατόπιν ὁ κ. Κοντογιάννης ἐξηγήθησεν ἐρωτὴν ὅτι κ. Παπαργύρου περὶ τῆς ἀ- φορμῆς τῆς πρώτης μουνογγένας.

Τὴν ἀπαντήθη ἕλλην ἐπροσφάτω' εἰς τὴν Κρήτην Χαλιούλας, ἐπιθασκαν κατεσγοσμέ- νου πρὸς ἐπανάπαυσιν καὶ τοῦ ἐγκα- λουμένου τῆς ἀνακρίσεως μουνογγένων.

Ἀπὸ τὰ στοιχεῖα ταῦτα ἐφημερίδα καὶ τῶν μαρτύρων μὴ ἐξακριβωθείσης, διέλυσε εἰς τὰ ἀνακριτικὰ ἔγγραφα τοῦ Ναυτοδικείου.

ΠΕΡΙΕΡΓΟΣ ΟΜΟΛΟΓΙΑ ΤΟΥ ΜΑΝΑΡΙΤΟΥ

Μετὰ τὸ πέρας χθὲς ἀνακρίσεως τοῦ κ. Παπαργύρου ἐπὶ τῆς ἀνακρίσεως τοῦ κ. Κοντογιάννη ἐξητάσθη ὁ μάρτυς Μανα- ρίτος ὁ ὁποῖος περιέργως ὡμολόγησεν ὅτι εὑρίσκετο ἐν τῷ Ναυστάθμῳ κατὰ τὴν ἡμέραν τῆς ἐκρήξεως καὶ ὅτι ἤκουσε τὰς ἐκπυρσοκροτήσεις.

Αἱ ἀνακρίσεις θὰ συνεχισθοῦν καὶ σήμε- ρον, πιθανῶς δὲ θὰ περατωθῶσιν ἐντὸς τῆς ἑβδομάδος.
